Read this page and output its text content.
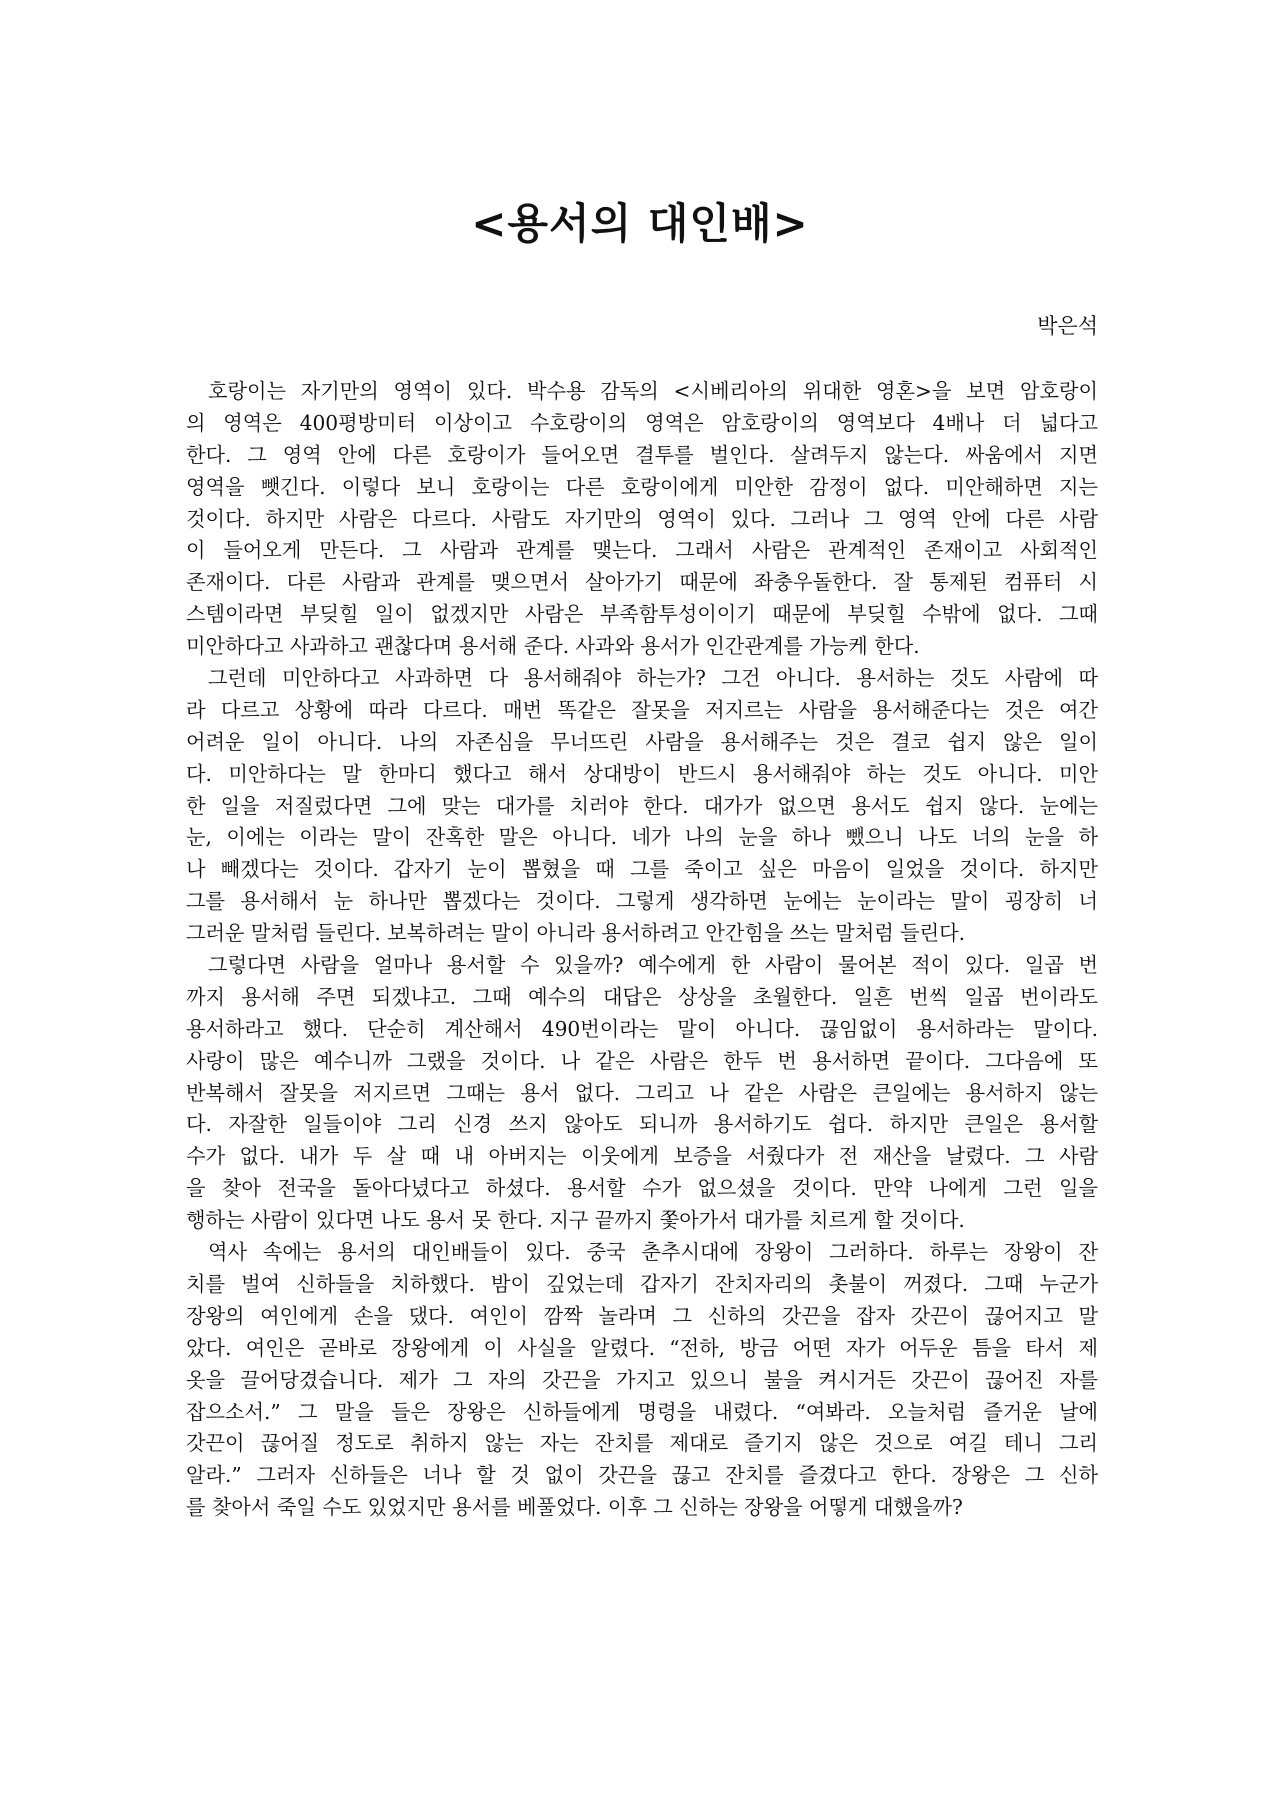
<용서의 대인배>
박은석
호랑이는 자기만의 영역이 있다. 박수용 감독의 <시베리아의 위대한 영혼>을 보면 암호랑이
의 영역은 400평방미터 이상이고 수호랑이의 영역은 암호랑이의 영역보다 4배나 더 넓다고
한다. 그 영역 안에 다른 호랑이가 들어오면 결투를 벌인다. 살려두지 않는다. 싸움에서 지면
영역을 뺏긴다. 이렇다 보니 호랑이는 다른 호랑이에게 미안한 감정이 없다. 미안해하면 지는
것이다. 하지만 사람은 다르다. 사람도 자기만의 영역이 있다. 그러나 그 영역 안에 다른 사람
이 들어오게 만든다. 그 사람과 관계를 맺는다. 그래서 사람은 관계적인 존재이고 사회적인
존재이다. 다른 사람과 관계를 맺으면서 살아가기 때문에 좌충우돌한다. 잘 통제된 컴퓨터 시
스템이라면 부딪힐 일이 없겠지만 사람은 부족함투성이이기 때문에 부딪힐 수밖에 없다. 그때
미안하다고 사과하고 괜찮다며 용서해 준다. 사과와 용서가 인간관계를 가능케 한다.
그런데 미안하다고 사과하면 다 용서해줘야 하는가? 그건 아니다. 용서하는 것도 사람에 따
라 다르고 상황에 따라 다르다. 매번 똑같은 잘못을 저지르는 사람을 용서해준다는 것은 여간
어려운 일이 아니다. 나의 자존심을 무너뜨린 사람을 용서해주는 것은 결코 쉽지 않은 일이
다. 미안하다는 말 한마디 했다고 해서 상대방이 반드시 용서해줘야 하는 것도 아니다. 미안
한 일을 저질렀다면 그에 맞는 대가를 치러야 한다. 대가가 없으면 용서도 쉽지 않다. 눈에는
눈, 이에는 이라는 말이 잔혹한 말은 아니다. 네가 나의 눈을 하나 뺐으니 나도 너의 눈을 하
나 빼겠다는 것이다. 갑자기 눈이 뽑혔을 때 그를 죽이고 싶은 마음이 일었을 것이다. 하지만
그를 용서해서 눈 하나만 뽑겠다는 것이다. 그렇게 생각하면 눈에는 눈이라는 말이 굉장히 너
그러운 말처럼 들린다. 보복하려는 말이 아니라 용서하려고 안간힘을 쓰는 말처럼 들린다.
그렇다면 사람을 얼마나 용서할 수 있을까? 예수에게 한 사람이 물어본 적이 있다. 일곱 번
까지 용서해 주면 되겠냐고. 그때 예수의 대답은 상상을 초월한다. 일흔 번씩 일곱 번이라도
용서하라고 했다. 단순히 계산해서 490번이라는 말이 아니다. 끊임없이 용서하라는 말이다.
사랑이 많은 예수니까 그랬을 것이다. 나 같은 사람은 한두 번 용서하면 끝이다. 그다음에 또
반복해서 잘못을 저지르면 그때는 용서 없다. 그리고 나 같은 사람은 큰일에는 용서하지 않는
다. 자잘한 일들이야 그리 신경 쓰지 않아도 되니까 용서하기도 쉽다. 하지만 큰일은 용서할
수가 없다. 내가 두 살 때 내 아버지는 이웃에게 보증을 서줬다가 전 재산을 날렸다. 그 사람
을 찾아 전국을 돌아다녔다고 하셨다. 용서할 수가 없으셨을 것이다. 만약 나에게 그런 일을
행하는 사람이 있다면 나도 용서 못 한다. 지구 끝까지 쫓아가서 대가를 치르게 할 것이다.
역사 속에는 용서의 대인배들이 있다. 중국 춘추시대에 장왕이 그러하다. 하루는 장왕이 잔
치를 벌여 신하들을 치하했다. 밤이 깊었는데 갑자기 잔치자리의 촛불이 꺼졌다. 그때 누군가
장왕의 여인에게 손을 댔다. 여인이 깜짝 놀라며 그 신하의 갓끈을 잡자 갓끈이 끊어지고 말
았다. 여인은 곧바로 장왕에게 이 사실을 알렸다. “전하, 방금 어떤 자가 어두운 틈을 타서 제
옷을 끌어당겼습니다. 제가 그 자의 갓끈을 가지고 있으니 불을 켜시거든 갓끈이 끊어진 자를
잡으소서.” 그 말을 들은 장왕은 신하들에게 명령을 내렸다. “여봐라. 오늘처럼 즐거운 날에
갓끈이 끊어질 정도로 취하지 않는 자는 잔치를 제대로 즐기지 않은 것으로 여길 테니 그리
알라.” 그러자 신하들은 너나 할 것 없이 갓끈을 끊고 잔치를 즐겼다고 한다. 장왕은 그 신하
를 찾아서 죽일 수도 있었지만 용서를 베풀었다. 이후 그 신하는 장왕을 어떻게 대했을까?
